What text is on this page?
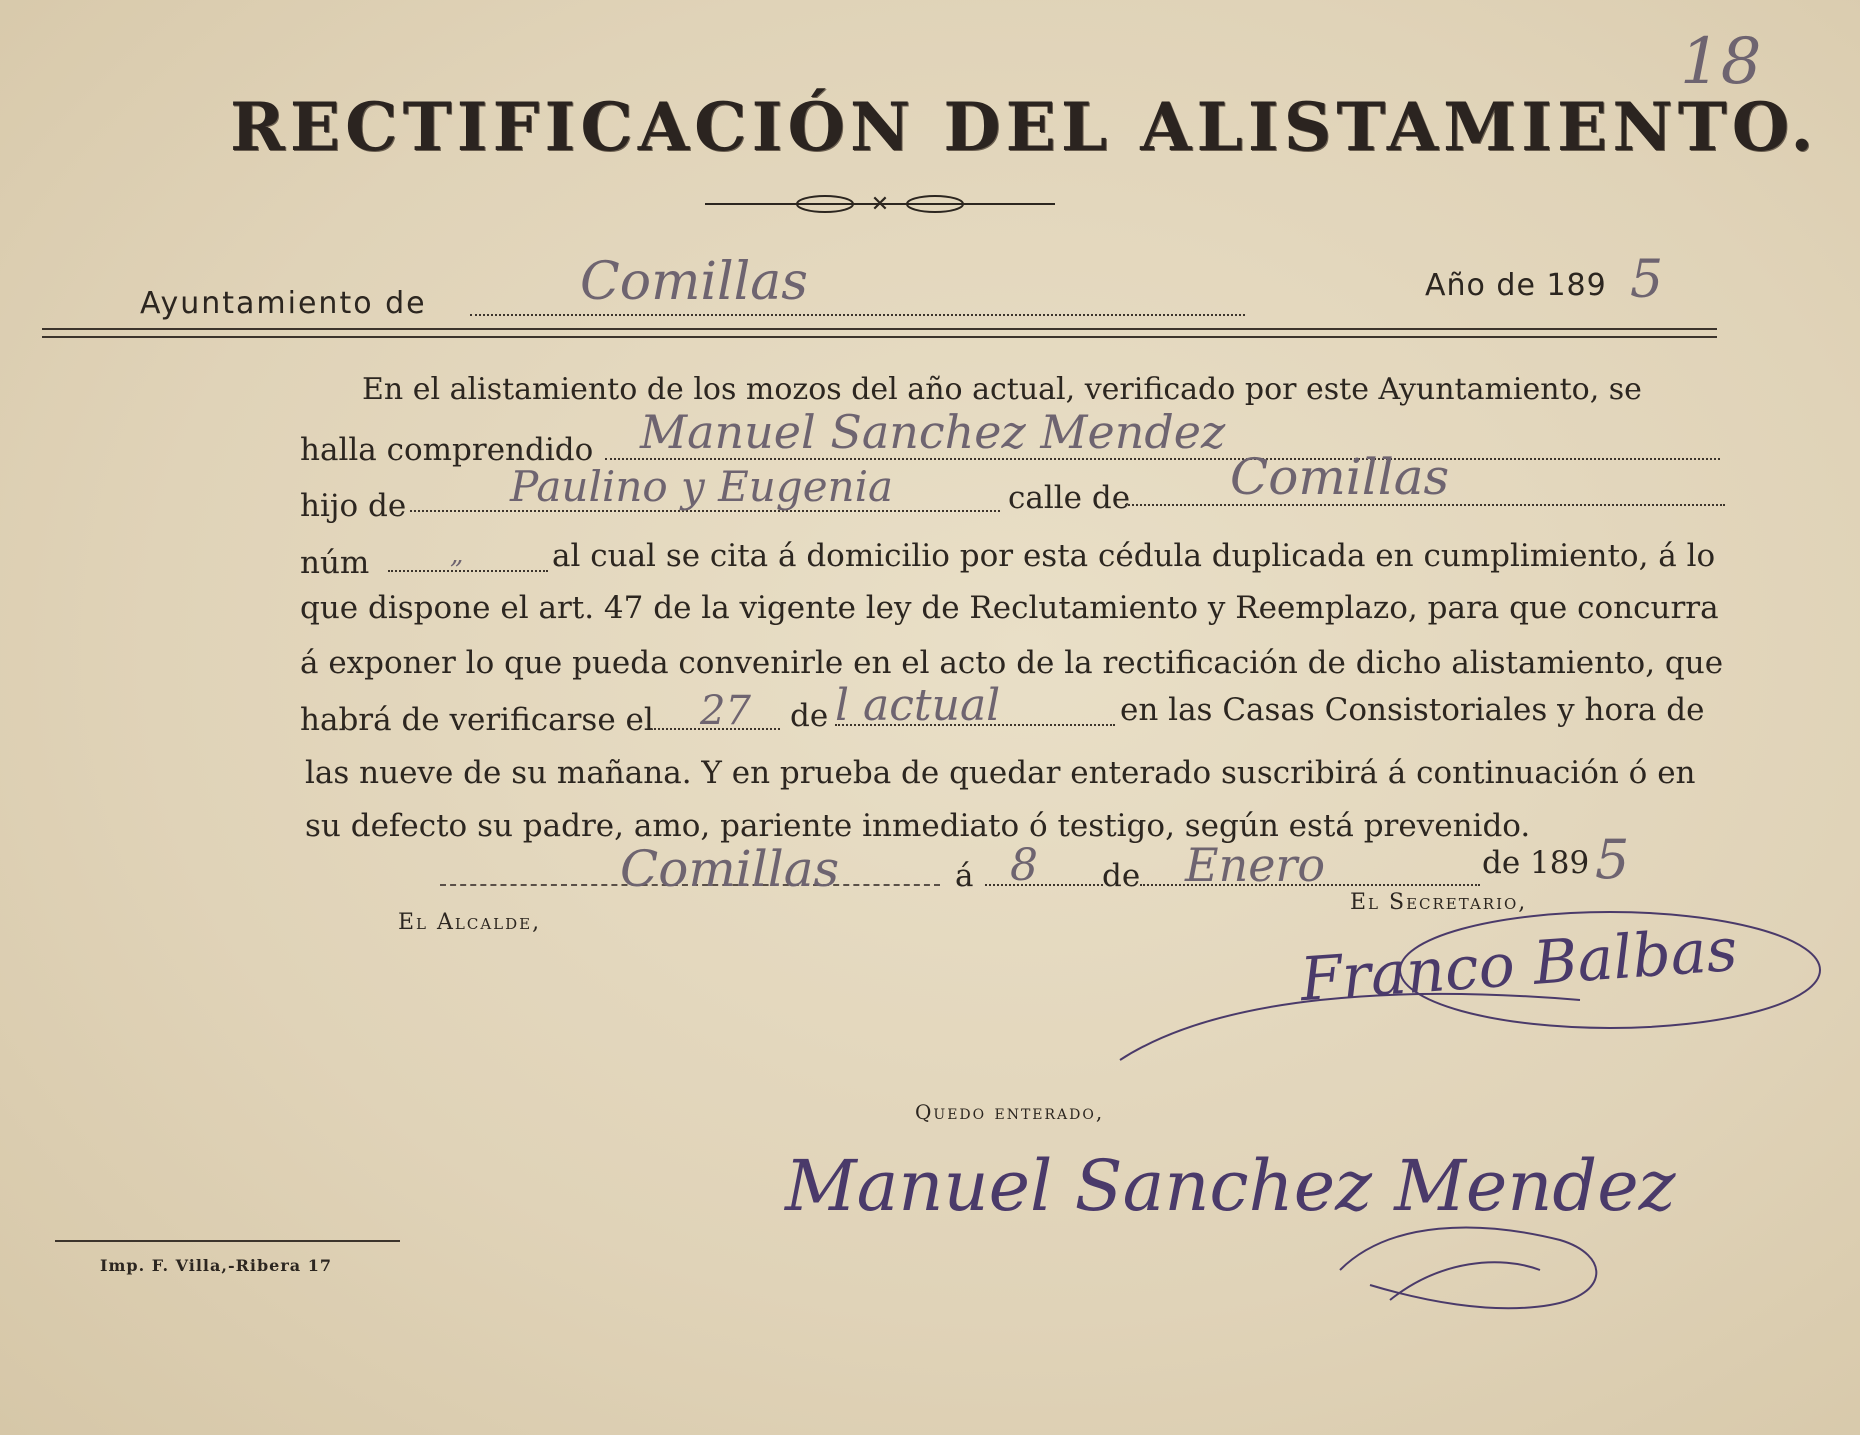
18
RECTIFICACIÓN DEL ALISTAMIENTO.
✕
Ayuntamiento de	Comillas	Año de 189 5
En el alistamiento de los mozos del año actual, verificado por este Ayuntamiento, se
halla comprendido Manuel Sanchez Mendez
hijo de Paulino y Eugenia	calle de Comillas
núm	„	al cual se cita á domicilio por esta cédula duplicada en cumplimiento, á lo
que dispone el art. 47 de la vigente ley de Reclutamiento y Reemplazo, para que concurra
á exponer lo que pueda convenirle en el acto de la rectificación de dicho alistamiento, que
habrá de verificarse el 27 de l actual	en las Casas Consistoriales y hora de
las nueve de su mañana. Y en prueba de quedar enterado suscribirá á continuación ó en
su defecto su padre, amo, pariente inmediato ó testigo, según está prevenido.
Comillas	á 8 de Enero	de 189 5
El Alcalde,
El Secretario,
Franco Balbas
Quedo enterado,
Manuel Sanchez Mendez
Imp. F. Villa,-Ribera 17
